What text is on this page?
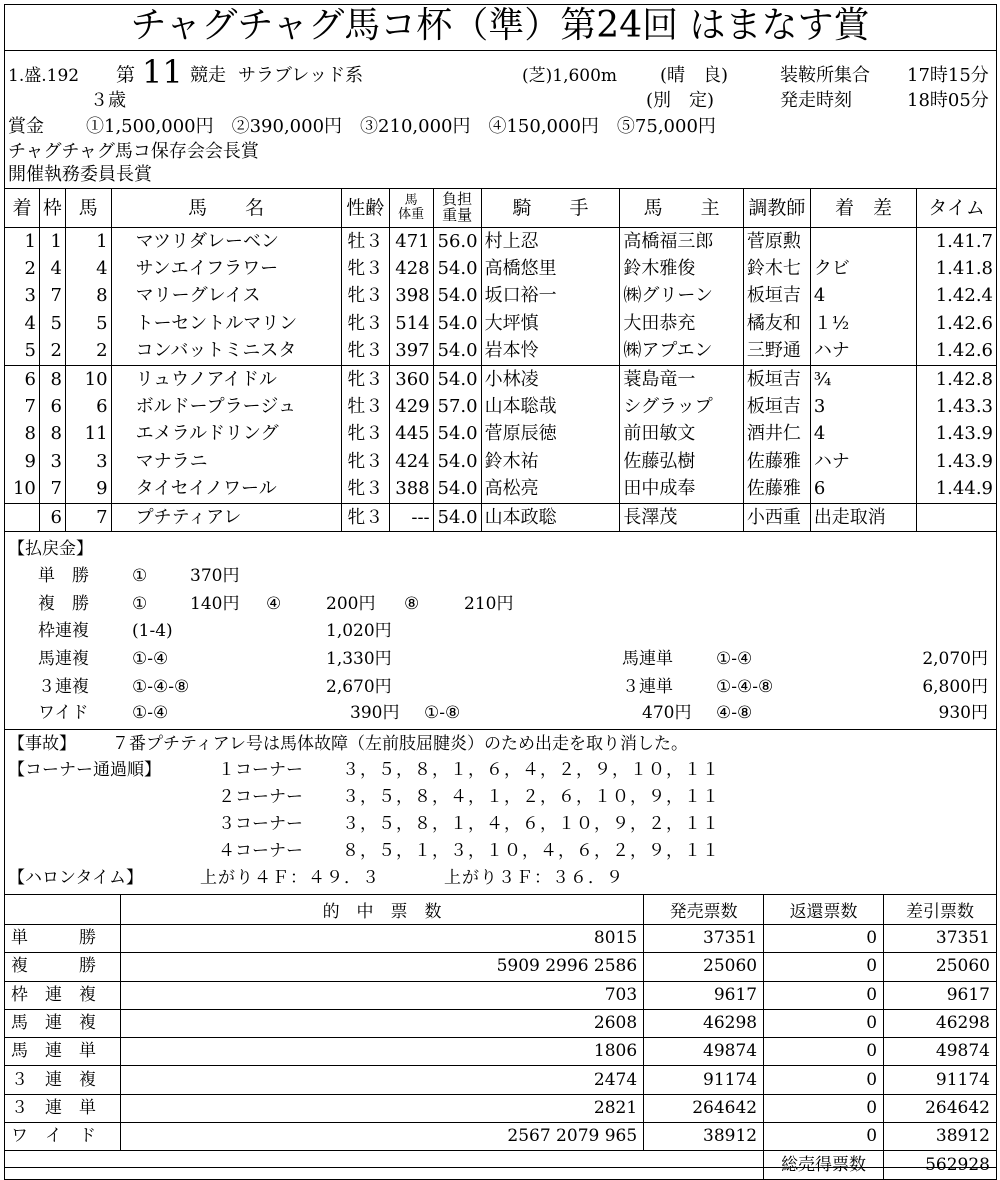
チャグチャグ馬コ杯（準）第24回 はまなす賞
1.盛.192 第 11 競走 サラブレッド系
３歳
(芝)1,600m (晴　良)
(別　定)
装鞍所集合 17時15分
発走時刻	18時05分
賞金 ①1,500,000円　②390,000円　③210,000円　④150,000円　⑤75,000円
チャグチャグ馬コ保存会会長賞
開催執務委員長賞
着	枠	馬	馬　　名	性齢	馬
体重	負担
重量	騎　　手	馬　　主	調教師	着　差	タイム
1	1	1	マツリダレーベン	牡３	471	56.0	村上忍	高橋福三郎	菅原勲		1.41.7
2	4	4	サンエイフラワー	牝３	428	54.0	高橋悠里	鈴木雅俊	鈴木七	クビ	1.41.8
3	7	8	マリーグレイス	牝３	398	54.0	坂口裕一	㈱グリーン	板垣吉	4	1.42.4
4	5	5	トーセントルマリン	牝３	514	54.0	大坪慎	大田恭充	橘友和	１½	1.42.6
5	2	2	コンバットミニスタ	牝３	397	54.0	岩本怜	㈱アプエン	三野通	ハナ	1.42.6
6	8	10	リュウノアイドル	牝３	360	54.0	小林凌	蓑島竜一	板垣吉	¾	1.42.8
7	6	6	ボルドープラージュ	牡３	429	57.0	山本聡哉	シグラップ	板垣吉	3	1.43.3
8	8	11	エメラルドリング	牝３	445	54.0	菅原辰徳	前田敏文	酒井仁	4	1.43.9
9	3	3	マナラニ	牝３	424	54.0	鈴木祐	佐藤弘樹	佐藤雅	ハナ	1.43.9
10	7	9	タイセイノワール	牝３	388	54.0	高松亮	田中成奉	佐藤雅	6	1.44.9
	6	7	プチティアレ	牝３	---	54.0	山本政聡	長澤茂	小西重	出走取消	
【払戻金】
単　勝	①	370円
複　勝	①	140円 ④	200円 ⑧	210円
枠連複	(1-4)	1,020円
馬連複	①-④	1,330円	馬連単	①-④	2,070円
３連複	①-④-⑧	2,670円	３連単	①-④-⑧	6,800円
ワイド	①-④	390円 ①-⑧	470円 ④-⑧	930円
【事故】 ７番プチティアレ号は馬体故障（左前肢屈腱炎）のため出走を取り消した。
【コーナー通過順】	１コーナー ３，５，８，１，６，４，２，９，１０，１１
２コーナー ３，５，８，４，１，２，６，１０，９，１１
３コーナー ３，５，８，１，４，６，１０，９，２，１１
４コーナー ８，５，１，３，１０，４，６，２，９，１１
【ハロンタイム】	上がり４Ｆ：４９．３	上がり３Ｆ：３６．９
	的　中　票　数	発売票数	返還票数	差引票数
単　　　勝	8015	37351	0	37351
複　　　勝	5909 2996 2586	25060	0	25060
枠　連　複	703	9617	0	9617
馬　連　複	2608	46298	0	46298
馬　連　単	1806	49874	0	49874
３　連　複	2474	91174	0	91174
３　連　単	2821	264642	0	264642
ワ　イ　ド	2567 2079 965	38912	0	38912
			総売得票数	562928
